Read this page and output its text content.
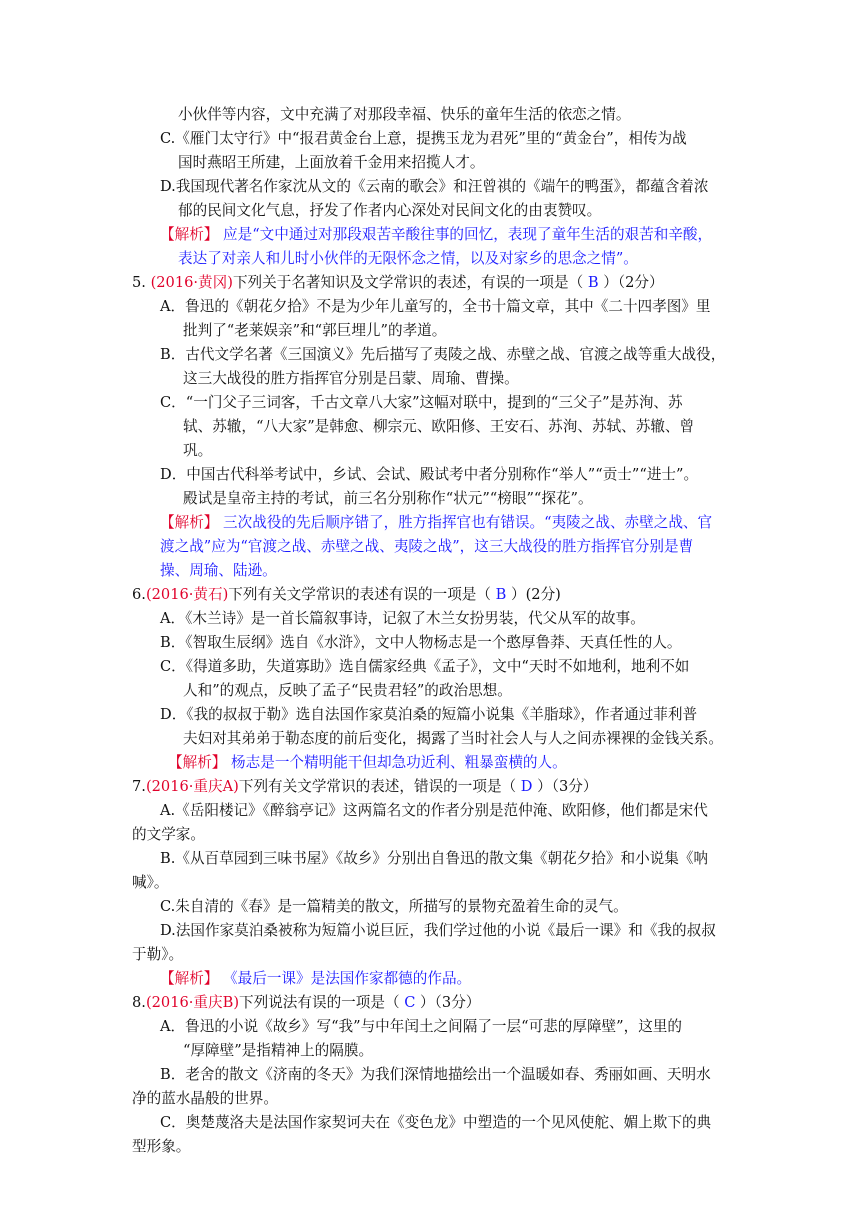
小伙伴等内容，文中充满了对那段幸福、快乐的童年生活的依恋之情。
C.《雁门太守行》中“报君黄金台上意，提携玉龙为君死”里的“黄金台”，相传为战
国时燕昭王所建，上面放着千金用来招揽人才。
D.我国现代著名作家沈从文的《云南的歌会》和汪曾祺的《端午的鸭蛋》，都蕴含着浓
郁的民间文化气息，抒发了作者内心深处对民间文化的由衷赞叹。
【解析】 应是“文中通过对那段艰苦辛酸往事的回忆，表现了童年生活的艰苦和辛酸，
表达了对亲人和儿时小伙伴的无限怀念之情，以及对家乡的思念之情”。
5. (2016·黄冈)下列关于名著知识及文学常识的表述，有误的一项是（ B ）（2分）
A．鲁迅的《朝花夕拾》不是为少年儿童写的，全书十篇文章，其中《二十四孝图》里
批判了“老莱娱亲”和“郭巨埋儿”的孝道。
B．古代文学名著《三国演义》先后描写了夷陵之战、赤壁之战、官渡之战等重大战役，
这三大战役的胜方指挥官分别是吕蒙、周瑜、曹操。
C．“一门父子三词客，千古文章八大家”这幅对联中，提到的“三父子”是苏洵、苏
轼、苏辙，“八大家”是韩愈、柳宗元、欧阳修、王安石、苏洵、苏轼、苏辙、曾
巩。
D．中国古代科举考试中，乡试、会试、殿试考中者分别称作“举人”“贡士”“进士”。
殿试是皇帝主持的考试，前三名分别称作“状元”“榜眼”“探花”。
【解析】 三次战役的先后顺序错了，胜方指挥官也有错误。“夷陵之战、赤壁之战、官
渡之战”应为“官渡之战、赤壁之战、夷陵之战”，这三大战役的胜方指挥官分别是曹
操、周瑜、陆逊。
6.(2016·黄石)下列有关文学常识的表述有误的一项是（ B ）(2分)
A．《木兰诗》是一首长篇叙事诗，记叙了木兰女扮男装，代父从军的故事。
B．《智取生辰纲》选自《水浒》，文中人物杨志是一个憨厚鲁莽、天真任性的人。
C．《得道多助，失道寡助》选自儒家经典《孟子》，文中“天时不如地利，地利不如
人和”的观点，反映了孟子“民贵君轻”的政治思想。
D．《我的叔叔于勒》选自法国作家莫泊桑的短篇小说集《羊脂球》，作者通过菲利普
夫妇对其弟弟于勒态度的前后变化，揭露了当时社会人与人之间赤裸裸的金钱关系。
【解析】 杨志是一个精明能干但却急功近利、粗暴蛮横的人。
7.(2016·重庆A)下列有关文学常识的表述，错误的一项是（ D ）（3分）
A.《岳阳楼记》《醉翁亭记》这两篇名文的作者分别是范仲淹、欧阳修，他们都是宋代
的文学家。
B.《从百草园到三味书屋》《故乡》分别出自鲁迅的散文集《朝花夕拾》和小说集《呐
喊》。
C.朱自清的《春》是一篇精美的散文，所描写的景物充盈着生命的灵气。
D.法国作家莫泊桑被称为短篇小说巨匠，我们学过他的小说《最后一课》和《我的叔叔
于勒》。
【解析】 《最后一课》是法国作家都德的作品。
8.(2016·重庆B)下列说法有误的一项是（ C ）（3分）
A．鲁迅的小说《故乡》写“我”与中年闰土之间隔了一层“可悲的厚障壁”，这里的
“厚障壁”是指精神上的隔膜。
B．老舍的散文《济南的冬天》为我们深情地描绘出一个温暖如春、秀丽如画、天明水
净的蓝水晶般的世界。
C．奥楚蔑洛夫是法国作家契诃夫在《变色龙》中塑造的一个见风使舵、媚上欺下的典
型形象。
